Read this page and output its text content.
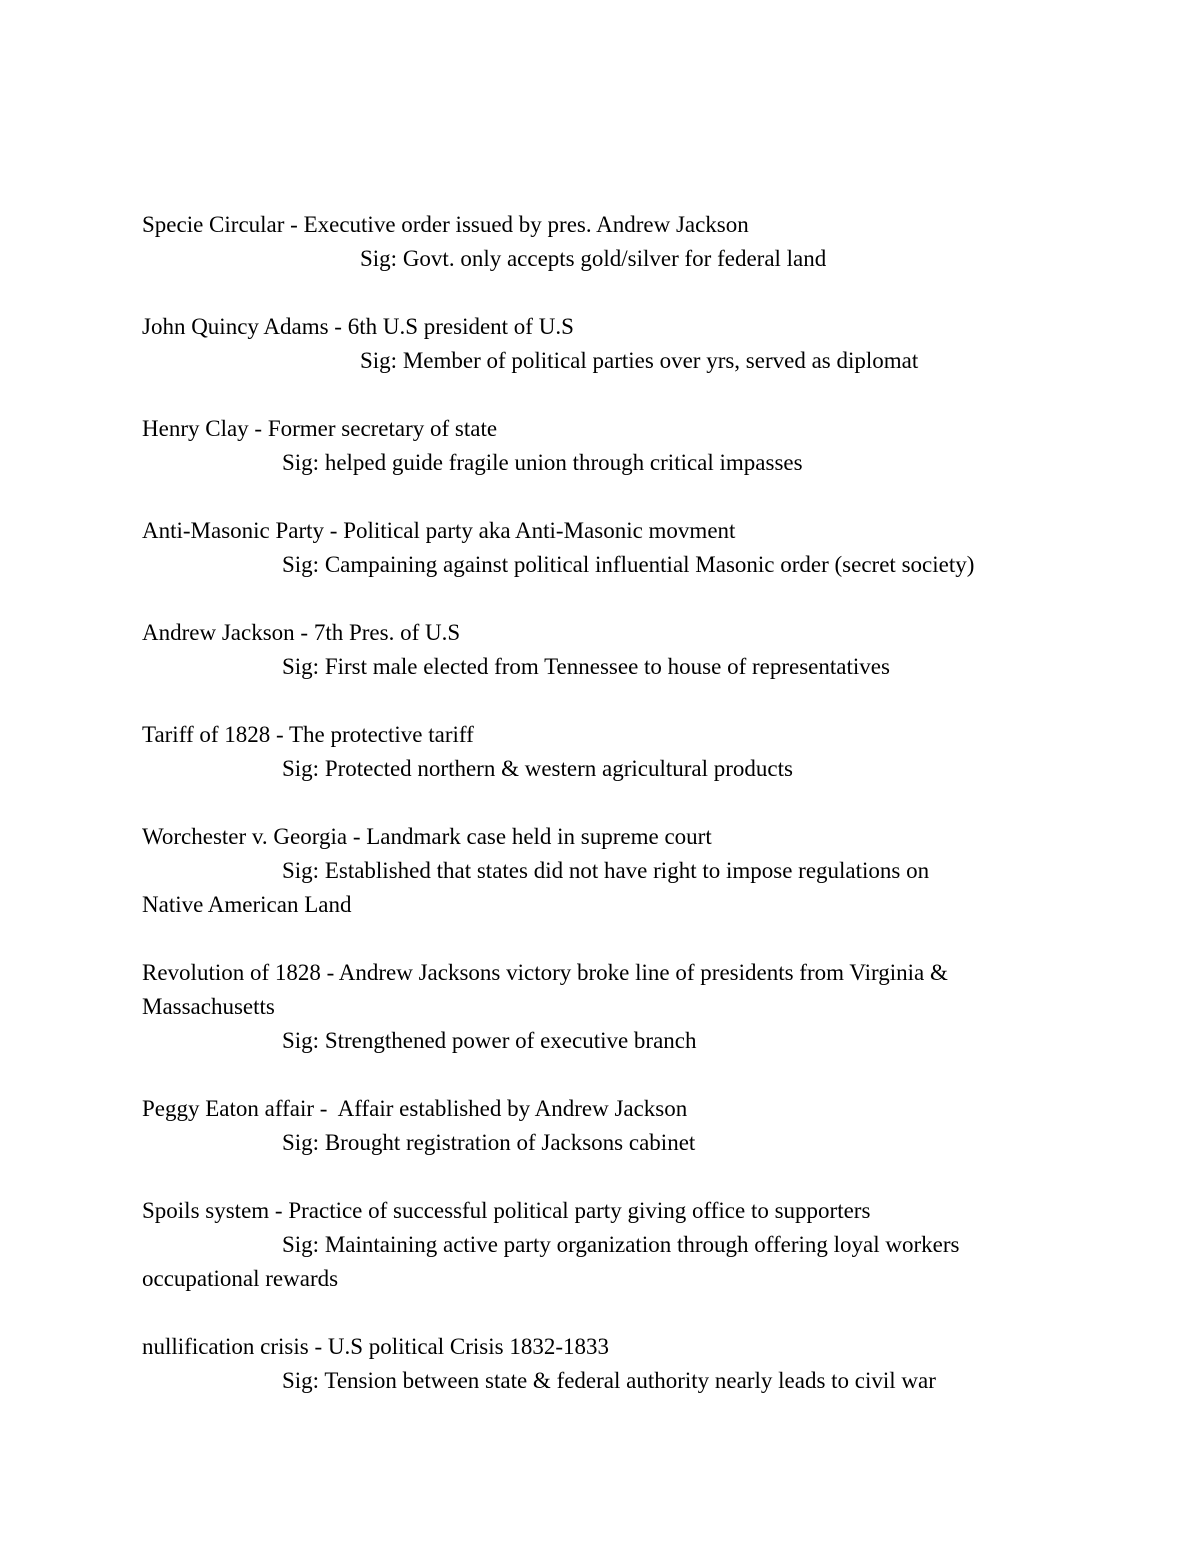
Specie Circular - Executive order issued by pres. Andrew Jackson
Sig: Govt. only accepts gold/silver for federal land
John Quincy Adams - 6th U.S president of U.S
Sig: Member of political parties over yrs, served as diplomat
Henry Clay - Former secretary of state
Sig: helped guide fragile union through critical impasses
Anti-Masonic Party - Political party aka Anti-Masonic movment
Sig: Campaining against political influential Masonic order (secret society)
Andrew Jackson - 7th Pres. of U.S
Sig: First male elected from Tennessee to house of representatives
Tariff of 1828 - The protective tariff
Sig: Protected northern & western agricultural products
Worchester v. Georgia - Landmark case held in supreme court
Sig: Established that states did not have right to impose regulations on
Native American Land
Revolution of 1828 - Andrew Jacksons victory broke line of presidents from Virginia &
Massachusetts
Sig: Strengthened power of executive branch
Peggy Eaton affair -  Affair established by Andrew Jackson
Sig: Brought registration of Jacksons cabinet
Spoils system - Practice of successful political party giving office to supporters
Sig: Maintaining active party organization through offering loyal workers
occupational rewards
nullification crisis - U.S political Crisis 1832-1833
Sig: Tension between state & federal authority nearly leads to civil war
